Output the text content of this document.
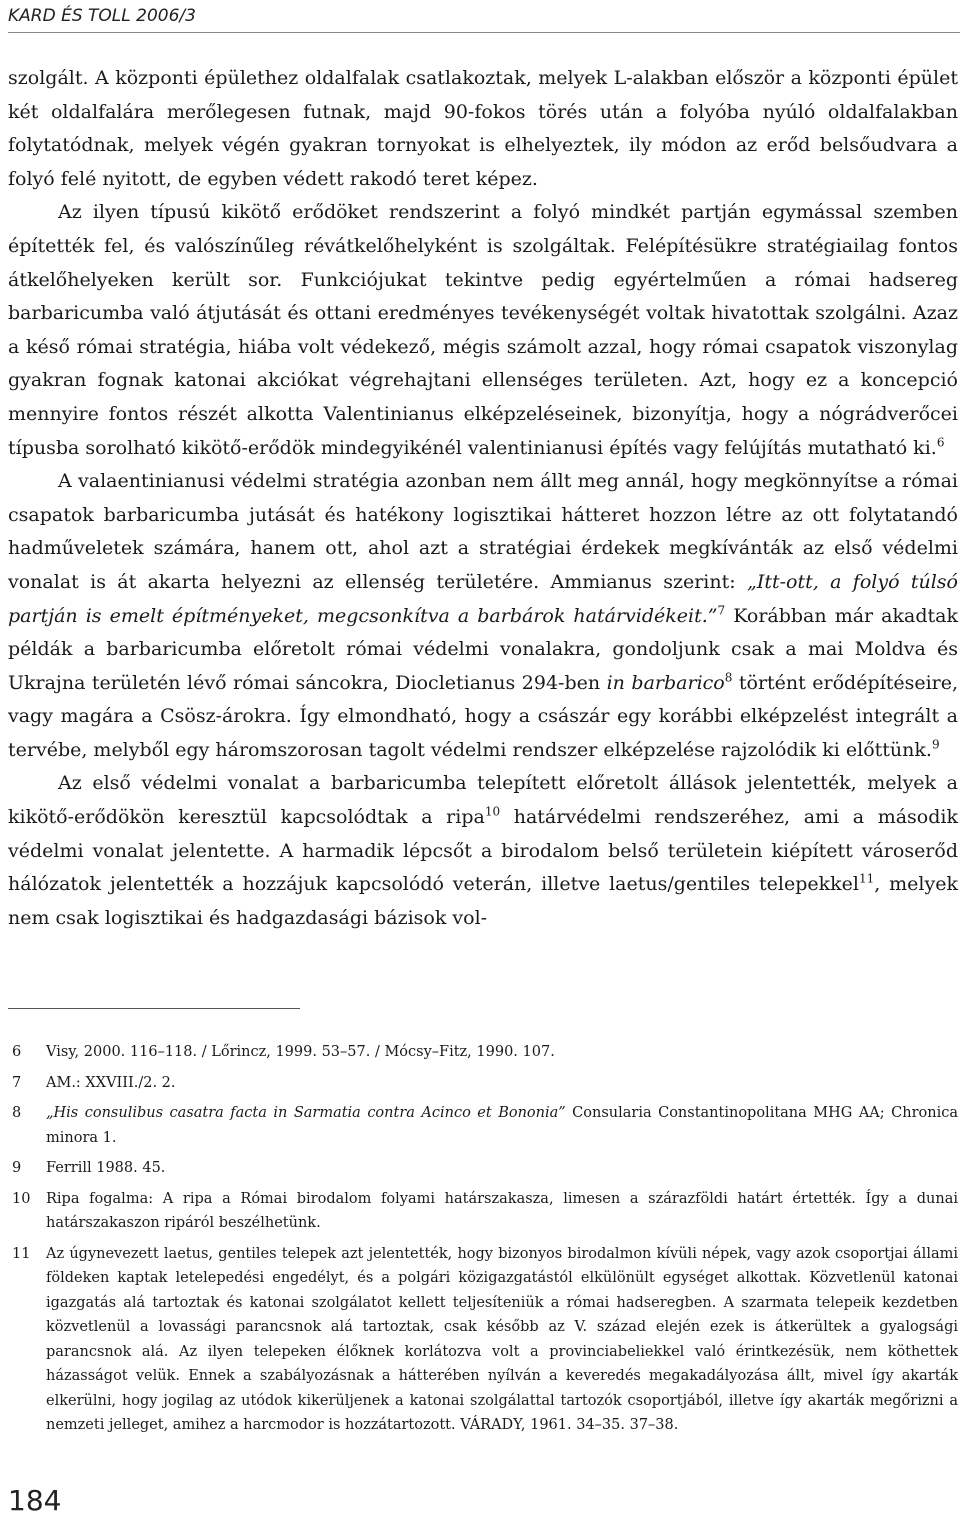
KARD ÉS TOLL 2006/3

szolgált. A központi épülethez oldalfalak csatlakoztak, melyek L-alakban először a központi épület két oldalfalára merőlegesen futnak, majd 90-fokos törés után a folyóba nyúló oldalfalakban folytatódnak, melyek végén gyakran tornyokat is elhelyeztek, ily módon az erőd belsőudvara a folyó felé nyitott, de egyben védett rakodó teret képez.

Az ilyen típusú kikötő erődöket rendszerint a folyó mindkét partján egymással szemben építették fel, és valószínűleg révátkelőhelyként is szolgáltak. Felépítésükre stratégiailag fontos átkelőhelyeken került sor. Funkciójukat tekintve pedig egyértelműen a római hadsereg barbaricumba való átjutását és ottani eredményes tevékenységét voltak hivatottak szolgálni. Azaz a késő római stratégia, hiába volt védekező, mégis számolt azzal, hogy római csapatok viszonylag gyakran fognak katonai akciókat végrehajtani ellenséges területen. Azt, hogy ez a koncepció mennyire fontos részét alkotta Valentinianus elképzeléseinek, bizonyítja, hogy a nógrádverőcei típusba sorolható kikötő-erődök mindegyikénél valentinianusi építés vagy felújítás mutatható ki.$^6$

A valaentinianusi védelmi stratégia azonban nem állt meg annál, hogy megkönnyítse a római csapatok barbaricumba jutását és hatékony logisztikai hátteret hozzon létre az ott folytatandó hadműveletek számára, hanem ott, ahol azt a stratégiai érdekek megkívánták az első védelmi vonalat is át akarta helyezni az ellenség területére. Ammianus szerint: „Itt-ott, a folyó túlsó partján is emelt építményeket, megcsonkítva a barbárok határvidékeit.”$^7$ Korábban már akadtak példák a barbaricumba előretolt római védelmi vonalakra, gondoljunk csak a mai Moldva és Ukrajna területén lévő római sáncokra, Diocletianus 294-ben in barbarico$^8$ történt erődépítéseire, vagy magára a Csösz-árokra. Így elmondható, hogy a császár egy korábbi elképzelést integrált a tervébe, melyből egy háromszorosan tagolt védelmi rendszer elképzelése rajzolódik ki előttünk.$^9$

Az első védelmi vonalat a barbaricumba telepített előretolt állások jelentették, melyek a kikötő-erődökön keresztül kapcsolódtak a ripa$^{10}$ határvédelmi rendszeréhez, ami a második védelmi vonalat jelentette. A harmadik lépcsőt a birodalom belső területein kiépített városerőd hálózatok jelentették a hozzájuk kapcsolódó veterán, illetve laetus/gentiles telepekkel$^{11}$, melyek nem csak logisztikai és hadgazdasági bázisok vol-

6	Visy, 2000. 116–118. / Lőrincz, 1999. 53–57. / Mócsy–Fitz, 1990. 107.
7	AM.: XXVIII./2. 2.
8	„His consulibus casatra facta in Sarmatia contra Acinco et Bononia” Consularia Constantinopolitana MHG AA; Chronica minora 1.
9	Ferrill 1988. 45.
10	Ripa fogalma: A ripa a Római birodalom folyami határszakasza, limesen a szárazföldi határt értették. Így a dunai határszakaszon ripáról beszélhetünk.
11	Az úgynevezett laetus, gentiles telepek azt jelentették, hogy bizonyos birodalmon kívüli népek, vagy azok csoportjai állami földeken kaptak letelepedési engedélyt, és a polgári közigazgatástól elkülönült egységet alkottak. Közvetlenül katonai igazgatás alá tartoztak és katonai szolgálatot kellett teljesíteniük a római hadseregben. A szarmata telepeik kezdetben közvetlenül a lovassági parancsnok alá tartoztak, csak később az V. század elején ezek is átkerültek a gyalogsági parancsnok alá. Az ilyen telepeken élőknek korlátozva volt a provinciabeliekkel való érintkezésük, nem köthettek házasságot velük. Ennek a szabályozásnak a hátterében nyílván a keveredés megakadályozása állt, mivel így akarták elkerülni, hogy jogilag az utódok kikerüljenek a katonai szolgálattal tartozók csoportjából, illetve így akarták megőrizni a nemzeti jelleget, amihez a harcmodor is hozzátartozott. VÁRADY, 1961. 34–35. 37–38.
184
